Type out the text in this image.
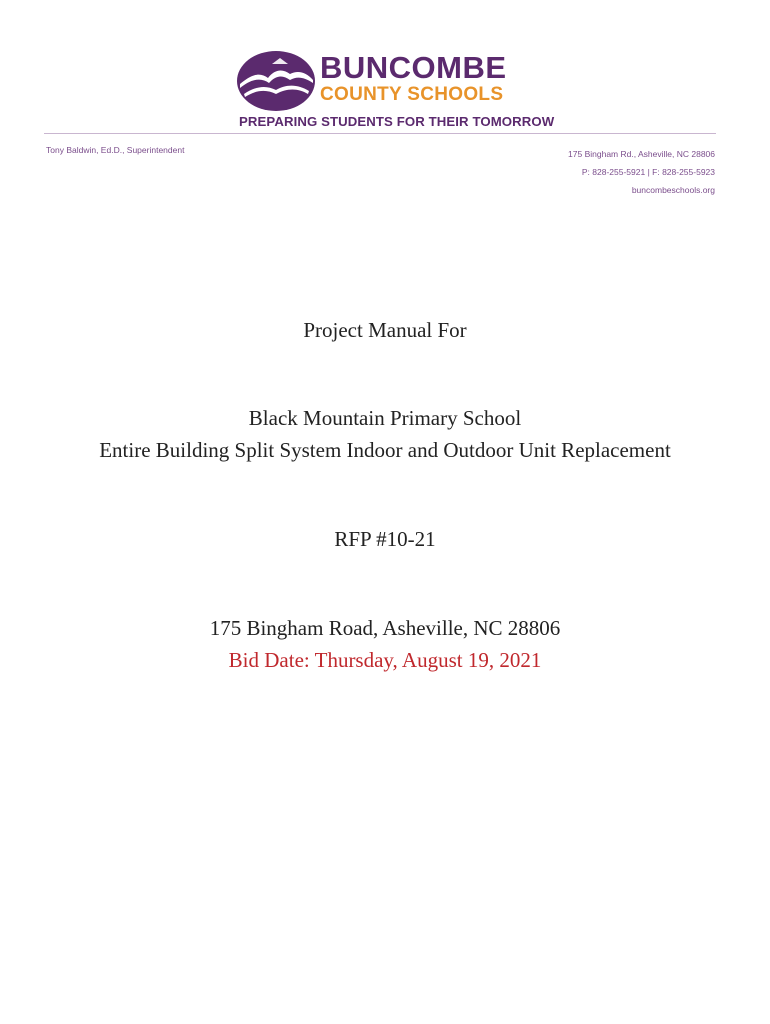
BUNCOMBE
COUNTY SCHOOLS
PREPARING STUDENTS FOR THEIR TOMORROW
Tony Baldwin, Ed.D., Superintendent	175 Bingham Rd., Asheville, NC 28806
P: 828-255-5921 | F: 828-255-5923
buncombeschools.org
Project Manual For
Black Mountain Primary School
Entire Building Split System Indoor and Outdoor Unit Replacement
RFP #10-21
175 Bingham Road, Asheville, NC 28806
Bid Date: Thursday, August 19, 2021
